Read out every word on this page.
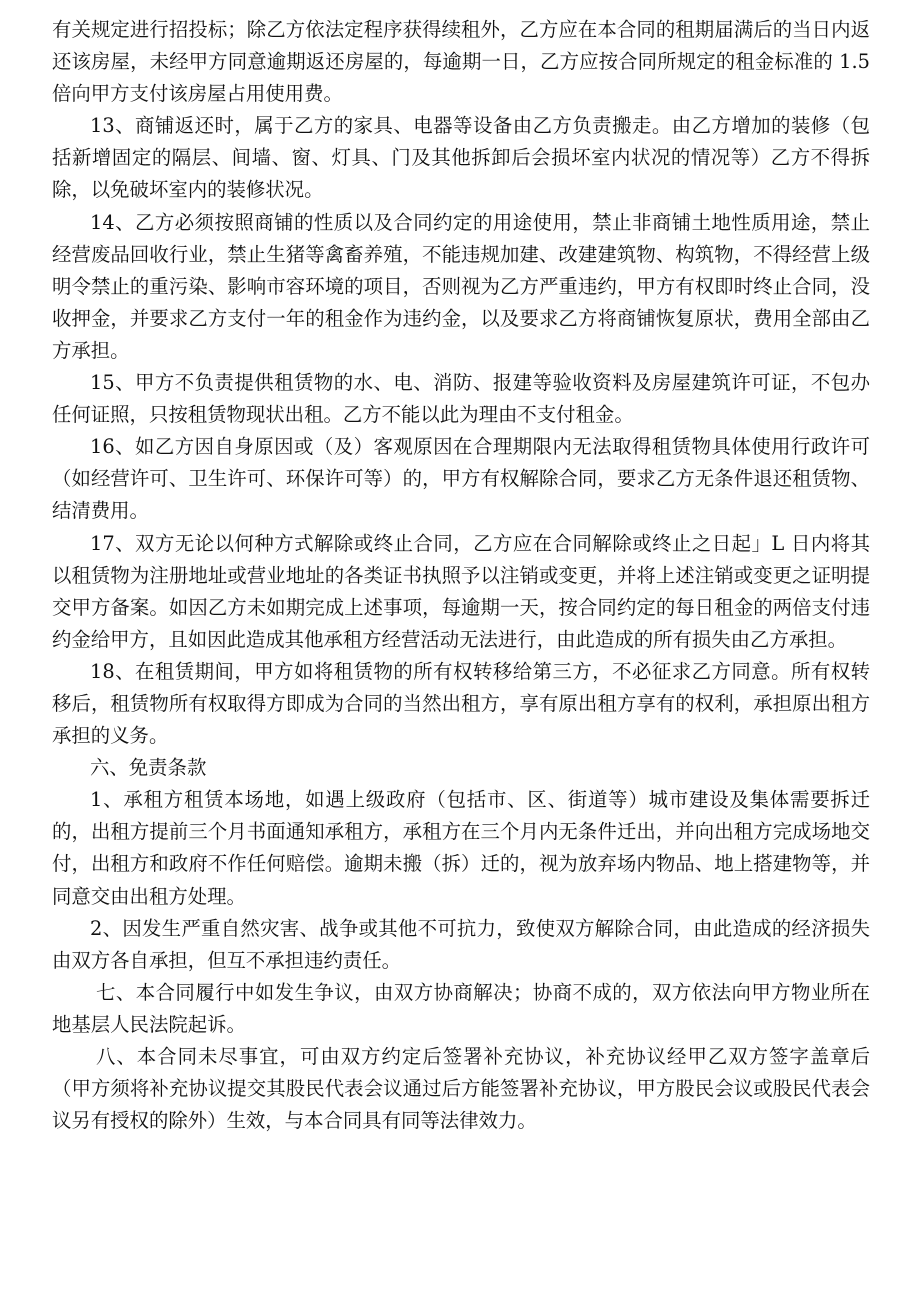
有关规定进行招投标；除乙方依法定程序获得续租外，乙方应在本合同的租期届满后的当日内返还该房屋，未经甲方同意逾期返还房屋的，每逾期一日，乙方应按合同所规定的租金标准的 1.5 倍向甲方支付该房屋占用使用费。

13、商铺返还时，属于乙方的家具、电器等设备由乙方负责搬走。由乙方增加的装修（包括新增固定的隔层、间墙、窗、灯具、门及其他拆卸后会损坏室内状况的情况等）乙方不得拆除，以免破坏室内的装修状况。

14、乙方必须按照商铺的性质以及合同约定的用途使用，禁止非商铺土地性质用途，禁止经营废品回收行业，禁止生猪等禽畜养殖，不能违规加建、改建建筑物、构筑物，不得经营上级明令禁止的重污染、影响市容环境的项目，否则视为乙方严重违约，甲方有权即时终止合同，没收押金，并要求乙方支付一年的租金作为违约金，以及要求乙方将商铺恢复原状，费用全部由乙方承担。

15、甲方不负责提供租赁物的水、电、消防、报建等验收资料及房屋建筑许可证，不包办任何证照，只按租赁物现状出租。乙方不能以此为理由不支付租金。

16、如乙方因自身原因或（及）客观原因在合理期限内无法取得租赁物具体使用行政许可（如经营许可、卫生许可、环保许可等）的，甲方有权解除合同，要求乙方无条件退还租赁物、结清费用。

17、双方无论以何种方式解除或终止合同，乙方应在合同解除或终止之日起」L 日内将其以租赁物为注册地址或营业地址的各类证书执照予以注销或变更，并将上述注销或变更之证明提交甲方备案。如因乙方未如期完成上述事项，每逾期一天，按合同约定的每日租金的两倍支付违约金给甲方，且如因此造成其他承租方经营活动无法进行，由此造成的所有损失由乙方承担。

18、在租赁期间，甲方如将租赁物的所有权转移给第三方，不必征求乙方同意。所有权转移后，租赁物所有权取得方即成为合同的当然出租方，享有原出租方享有的权利，承担原出租方承担的义务。

六、免责条款

1、承租方租赁本场地，如遇上级政府（包括市、区、街道等）城市建设及集体需要拆迁的，出租方提前三个月书面通知承租方，承租方在三个月内无条件迁出，并向出租方完成场地交付，出租方和政府不作任何赔偿。逾期未搬（拆）迁的，视为放弃场内物品、地上搭建物等，并同意交由出租方处理。

2、因发生严重自然灾害、战争或其他不可抗力，致使双方解除合同，由此造成的经济损失由双方各自承担，但互不承担违约责任。

七、本合同履行中如发生争议，由双方协商解决；协商不成的，双方依法向甲方物业所在地基层人民法院起诉。

八、本合同未尽事宜，可由双方约定后签署补充协议，补充协议经甲乙双方签字盖章后（甲方须将补充协议提交其股民代表会议通过后方能签署补充协议，甲方股民会议或股民代表会议另有授权的除外）生效，与本合同具有同等法律效力。
